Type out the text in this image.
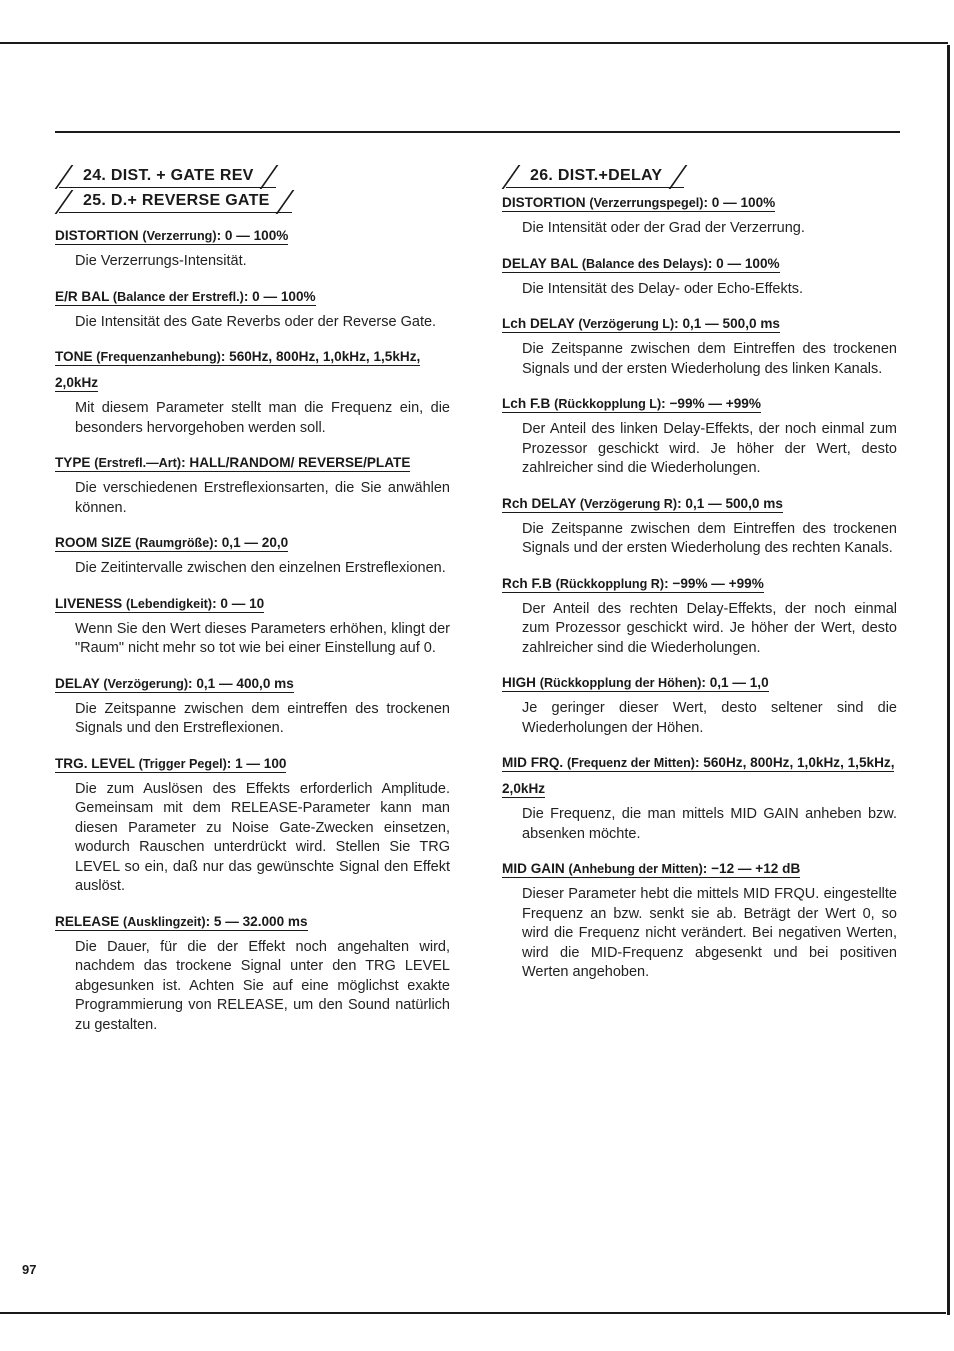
24. DIST. + GATE REV
25. D.+ REVERSE GATE
DISTORTION (Verzerrung): 0 — 100%
Die Verzerrungs-Intensität.
E/R BAL (Balance der Erstrefl.): 0 — 100%
Die Intensität des Gate Reverbs oder der Reverse Gate.
TONE (Frequenzanhebung): 560Hz, 800Hz, 1,0kHz, 1,5kHz, 2,0kHz
Mit diesem Parameter stellt man die Frequenz ein, die besonders hervorgehoben werden soll.
TYPE (Erstrefl.—Art): HALL/RANDOM/ REVERSE/PLATE
Die verschiedenen Erstreflexionsarten, die Sie anwählen können.
ROOM SIZE (Raumgröße): 0,1 — 20,0
Die Zeitintervalle zwischen den einzelnen Erstreflexionen.
LIVENESS (Lebendigkeit): 0 — 10
Wenn Sie den Wert dieses Parameters erhöhen, klingt der "Raum" nicht mehr so tot wie bei einer Einstellung auf 0.
DELAY (Verzögerung): 0,1 — 400,0 ms
Die Zeitspanne zwischen dem eintreffen des trockenen Signals und den Erstreflexionen.
TRG. LEVEL (Trigger Pegel): 1 — 100
Die zum Auslösen des Effekts erforderlich Amplitude. Gemeinsam mit dem RELEASE-Parameter kann man diesen Parameter zu Noise Gate-Zwecken einsetzen, wodurch Rauschen unterdrückt wird. Stellen Sie TRG LEVEL so ein, daß nur das gewünschte Signal den Effekt auslöst.
RELEASE (Ausklingzeit): 5 — 32.000 ms
Die Dauer, für die der Effekt noch angehalten wird, nachdem das trockene Signal unter den TRG LEVEL abgesunken ist. Achten Sie auf eine möglichst exakte Programmierung von RELEASE, um den Sound natürlich zu gestalten.
26. DIST.+DELAY
DISTORTION (Verzerrungspegel): 0 — 100%
Die Intensität oder der Grad der Verzerrung.
DELAY BAL (Balance des Delays): 0 — 100%
Die Intensität des Delay- oder Echo-Effekts.
Lch DELAY (Verzögerung L): 0,1 — 500,0 ms
Die Zeitspanne zwischen dem Eintreffen des trockenen Signals und der ersten Wiederholung des linken Kanals.
Lch F.B (Rückkopplung L): −99% — +99%
Der Anteil des linken Delay-Effekts, der noch einmal zum Prozessor geschickt wird. Je höher der Wert, desto zahlreicher sind die Wiederholungen.
Rch DELAY (Verzögerung R): 0,1 — 500,0 ms
Die Zeitspanne zwischen dem Eintreffen des trockenen Signals und der ersten Wiederholung des rechten Kanals.
Rch F.B (Rückkopplung R): −99% — +99%
Der Anteil des rechten Delay-Effekts, der noch einmal zum Prozessor geschickt wird. Je höher der Wert, desto zahlreicher sind die Wiederholungen.
HIGH (Rückkopplung der Höhen): 0,1 — 1,0
Je geringer dieser Wert, desto seltener sind die Wiederholungen der Höhen.
MID FRQ. (Frequenz der Mitten): 560Hz, 800Hz, 1,0kHz, 1,5kHz, 2,0kHz
Die Frequenz, die man mittels MID GAIN anheben bzw. absenken möchte.
MID GAIN (Anhebung der Mitten): −12 — +12 dB
Dieser Parameter hebt die mittels MID FRQU. eingestellte Frequenz an bzw. senkt sie ab. Beträgt der Wert 0, so wird die Frequenz nicht verändert. Bei negativen Werten, wird die MID-Frequenz abgesenkt und bei positiven Werten angehoben.
97
